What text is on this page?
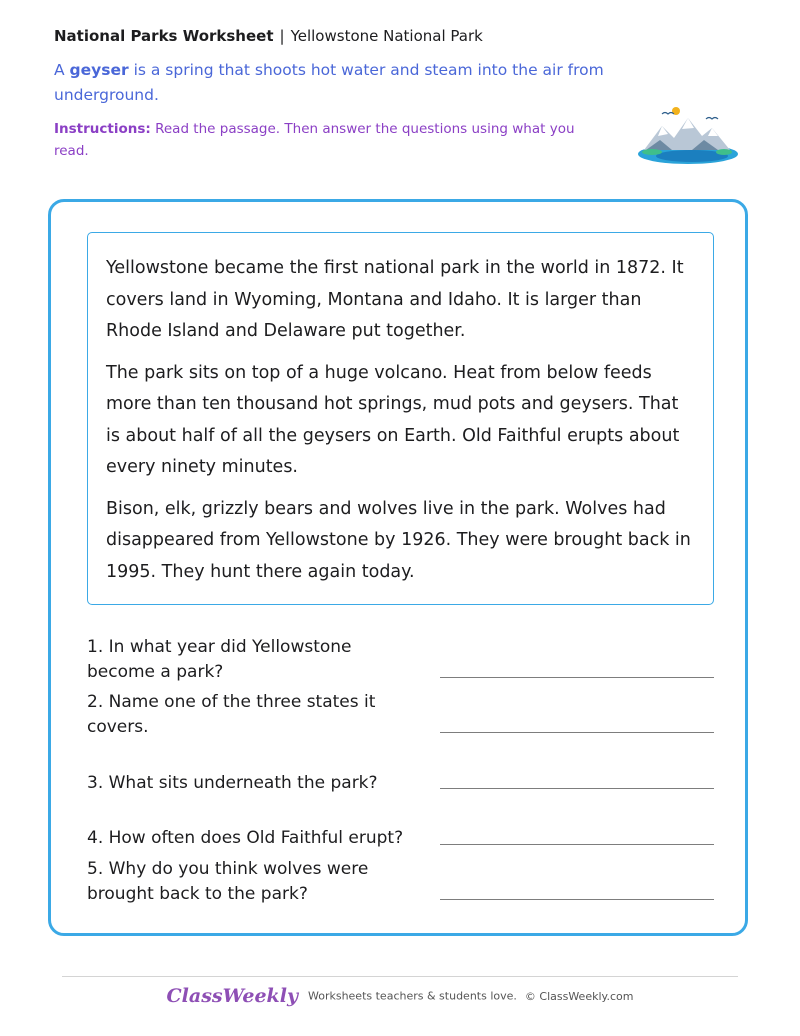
National Parks Worksheet | Yellowstone National Park
A geyser is a spring that shoots hot water and steam into the air from underground.
Instructions: Read the passage. Then answer the questions using what you read.

Yellowstone became the first national park in the world in 1872. It covers land in Wyoming, Montana and Idaho. It is larger than Rhode Island and Delaware put together.

The park sits on top of a huge volcano. Heat from below feeds more than ten thousand hot springs, mud pots and geysers. That is about half of all the geysers on Earth. Old Faithful erupts about every ninety minutes.

Bison, elk, grizzly bears and wolves live in the park. Wolves had disappeared from Yellowstone by 1926. They were brought back in 1995. They hunt there again today.

1. In what year did Yellowstone become a park?
2. Name one of the three states it covers.
3. What sits underneath the park?
4. How often does Old Faithful erupt?
5. Why do you think wolves were brought back to the park?
ClassWeekly Worksheets teachers & students love. © ClassWeekly.com
